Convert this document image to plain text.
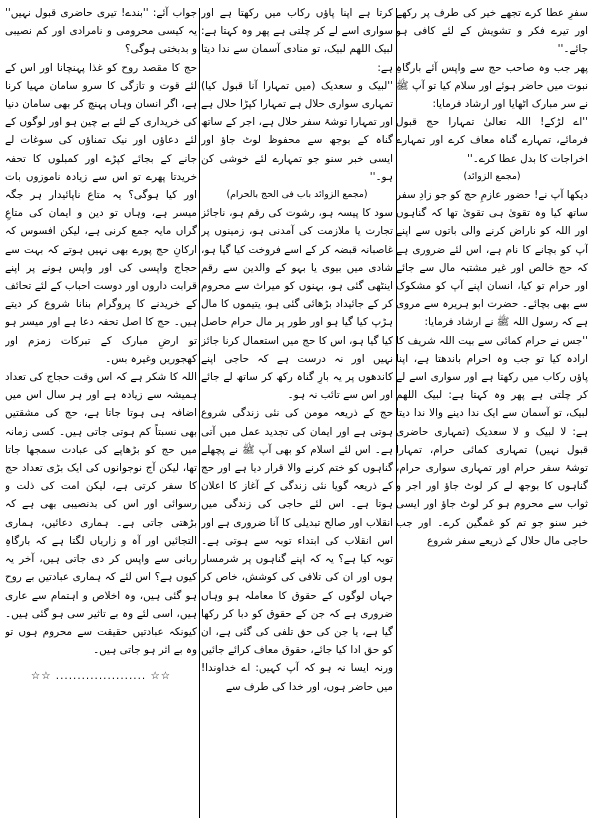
سفرِ عطا کرے تجھے خیر کی طرف پر رکھے اور تیرے فکر و تشویش کے لئے کافی ہو جائے۔''

پھر جب وہ صاحب حج سے واپس آئے بارگاہِ نبوت میں حاضر ہوئے اور سلام کیا تو آپ ﷺ نے سر مبارک اٹھایا اور ارشاد فرمایا:

''اے لڑکے! اللہ تعالیٰ تمہارا حج قبول فرمائے، تمہارے گناہ معاف کرے اور تمہارے اخراجات کا بدل عطا کرے۔''

(مجمع الزوائد)

دیکھا آپ نے! حضور عازمِ حج کو جو زادِ سفر ساتھ کیا وہ تقویٰ ہی تقویٰ تھا کہ گناہوں اور اللہ کو ناراض کرنے والی باتوں سے اپنے آپ کو بچانے کا نام ہے، اس لئے ضروری ہے کہ حج خالص اور غیر مشتبہ مال سے جائے اور حرام تو کیا، انسان اپنے آپ کو مشکوک سے بھی بچائے۔ حضرت ابو ہریرہ سے مروی ہے کہ رسول اللہ ﷺ نے ارشاد فرمایا:

''جس نے حرام کمائی سے بیت اللہ شریف کا ارادہ کیا تو جب وہ احرام باندھتا ہے، اپنا پاؤں رکاب میں رکھتا ہے اور سواری اسے لے کر چلتی ہے پھر وہ کہتا ہے: لبیک اللھم لبیک، تو آسمان سے ایک ندا دینے والا ندا دیتا ہے: لا لبیک و لا سعدیک (تمہاری حاضری قبول نہیں) تمہاری کمائی حرام، تمہارا توشۂ سفر حرام اور تمہاری سواری حرام، گناہوں کا بوجھ لے کر لوٹ جاؤ اور اجر و ثواب سے محروم ہو کر لوٹ جاؤ اور ایسی خبر سنو جو تم کو غمگین کرے۔ اور جب حاجی مال حلال کے ذریعے سفر شروع

کرتا ہے اپنا پاؤں رکاب میں رکھتا ہے اور سواری اسے لے کر چلتی ہے پھر وہ کہتا ہے: لبیک اللھم لبیک، تو منادی آسمان سے ندا دیتا ہے:

''لبیک و سعدیک (میں تمہارا آنا قبول کیا) تمہاری سواری حلال ہے تمہارا کپڑا حلال ہے اور تمہارا توشۂ سفر حلال ہے، اجر کے ساتھ گناہ کے بوجھ سے محفوظ لوٹ جاؤ اور ایسی خبر سنو جو تمہارے لئے خوشی کن ہو۔''

(مجمع الزوائد باب فی الحج بالحرام)

سود کا پیسہ ہو، رشوت کی رقم ہو، ناجائز تجارت یا ملازمت کی آمدنی ہو، زمینوں پر غاصبانہ قبضہ کر کے اسے فروخت کیا گیا ہو، شادی میں بیوی یا بہو کے والدین سے رقم اینٹھی گئی ہو، بہنوں کو میراث سے محروم کر کے جائیداد بڑھائی گئی ہو، یتیموں کا مال ہڑپ کیا گیا ہو اور طور پر مال حرام حاصل کیا گیا ہو، اس کا حج میں استعمال کرنا جائز نہیں اور نہ درست ہے کہ حاجی اپنے کاندھوں پر یہ بارِ گناہ رکھ کر ساتھ لے جائے اور اس سے تائب نہ ہو۔

حج کے ذریعہ مومن کی نئی زندگی شروع ہوتی ہے اور ایمان کی تجدید عمل میں آتی ہے۔ اس لئے اسلام کو بھی آپ ﷺ نے پچھلے گناہوں کو ختم کرنے والا قرار دیا ہے اور حج کے ذریعہ گویا نئی زندگی کے آغاز کا اعلان ہوتا ہے۔ اس لئے حاجی کی زندگی میں انقلاب اور صالح تبدیلی کا آنا ضروری ہے اور اس انقلاب کی ابتداء توبہ سے ہوتی ہے۔ توبہ کیا ہے؟ یہ کہ اپنے گناہوں پر شرمسار ہوں اور ان کی تلافی کی کوشش، خاص کر جہاں لوگوں کے حقوق کا معاملہ ہو وہاں ضروری ہے کہ جن کے حقوق کو دبا کر رکھا گیا ہے، یا جن کی حق تلفی کی گئی ہے، ان کو حق ادا کیا جائے، حقوق معاف کرائے جائیں ورنہ ایسا نہ ہو کہ آپ کہیں: اے خداوندا! میں حاضر ہوں، اور خدا کی طرف سے

جواب آئے: ''بندے! تیری حاضری قبول نہیں'' یہ کیسی محرومی و نامرادی اور کم نصیبی و بدبختی ہوگی؟

حج کا مقصد روح کو غذا پہنچانا اور اس کے لئے قوت و تازگی کا سرو سامان مہیا کرنا ہے، اگر انسان وہاں پہنچ کر بھی سامان دنیا کی خریداری کے لئے بے چین ہو اور لوگوں کے لئے دعاؤں اور نیک تمناؤں کی سوغات لے جانے کے بجائے کپڑے اور کمبلوں کا تحفہ خریدتا پھرے تو اس سے زیادہ ناموزوں بات اور کیا ہوگی؟ یہ متاع ناپائیدار ہر جگہ میسر ہے، وہاں تو دین و ایمان کی متاعِ گراں مایہ جمع کرنی ہے، لیکن افسوس کہ ارکانِ حج پورے بھی نہیں ہوتے کہ بہت سے حجاج واپسی کی اور واپس ہونے پر اپنے قرابت داروں اور دوست احباب کے لئے تحائف کے خریدنے کا پروگرام بنانا شروع کر دیتے ہیں۔ حج کا اصل تحفہ دعا ہے اور میسر ہو تو ارضِ مبارک کے تبرکات زمزم اور کھجوریں وغیرہ بس۔

اللہ کا شکر ہے کہ اس وقت حجاج کی تعداد ہمیشہ سے زیادہ ہے اور ہر سال اس میں اضافہ ہی ہوتا جاتا ہے، حج کی مشقتیں بھی نسبتاً کم ہوتی جاتی ہیں۔ کسی زمانہ میں حج کو بڑھاپے کی عبادت سمجھا جاتا تھا، لیکن آج نوجوانوں کی ایک بڑی تعداد حج کا سفر کرتی ہے، لیکن امت کی ذلت و رسوائی اور اس کی بدنصیبی بھی ہے کہ بڑھتی جاتی ہے۔ ہماری دعائیں، ہماری التجائیں اور آہ و زاریاں لگتا ہے کہ بارگاہِ ربانی سے واپس کر دی جاتی ہیں، آخر یہ کیوں ہے؟ اس لئے کہ ہماری عبادتیں بے روح ہو گئی ہیں، وہ اخلاص و اہتمام سے عاری ہیں، اسی لئے وہ بے تاثیر سی ہو گئی ہیں۔ کیونکہ عبادتیں حقیقت سے محروم ہوں تو وہ بے اثر ہو جاتی ہیں۔

☆☆ ..................... ☆☆
